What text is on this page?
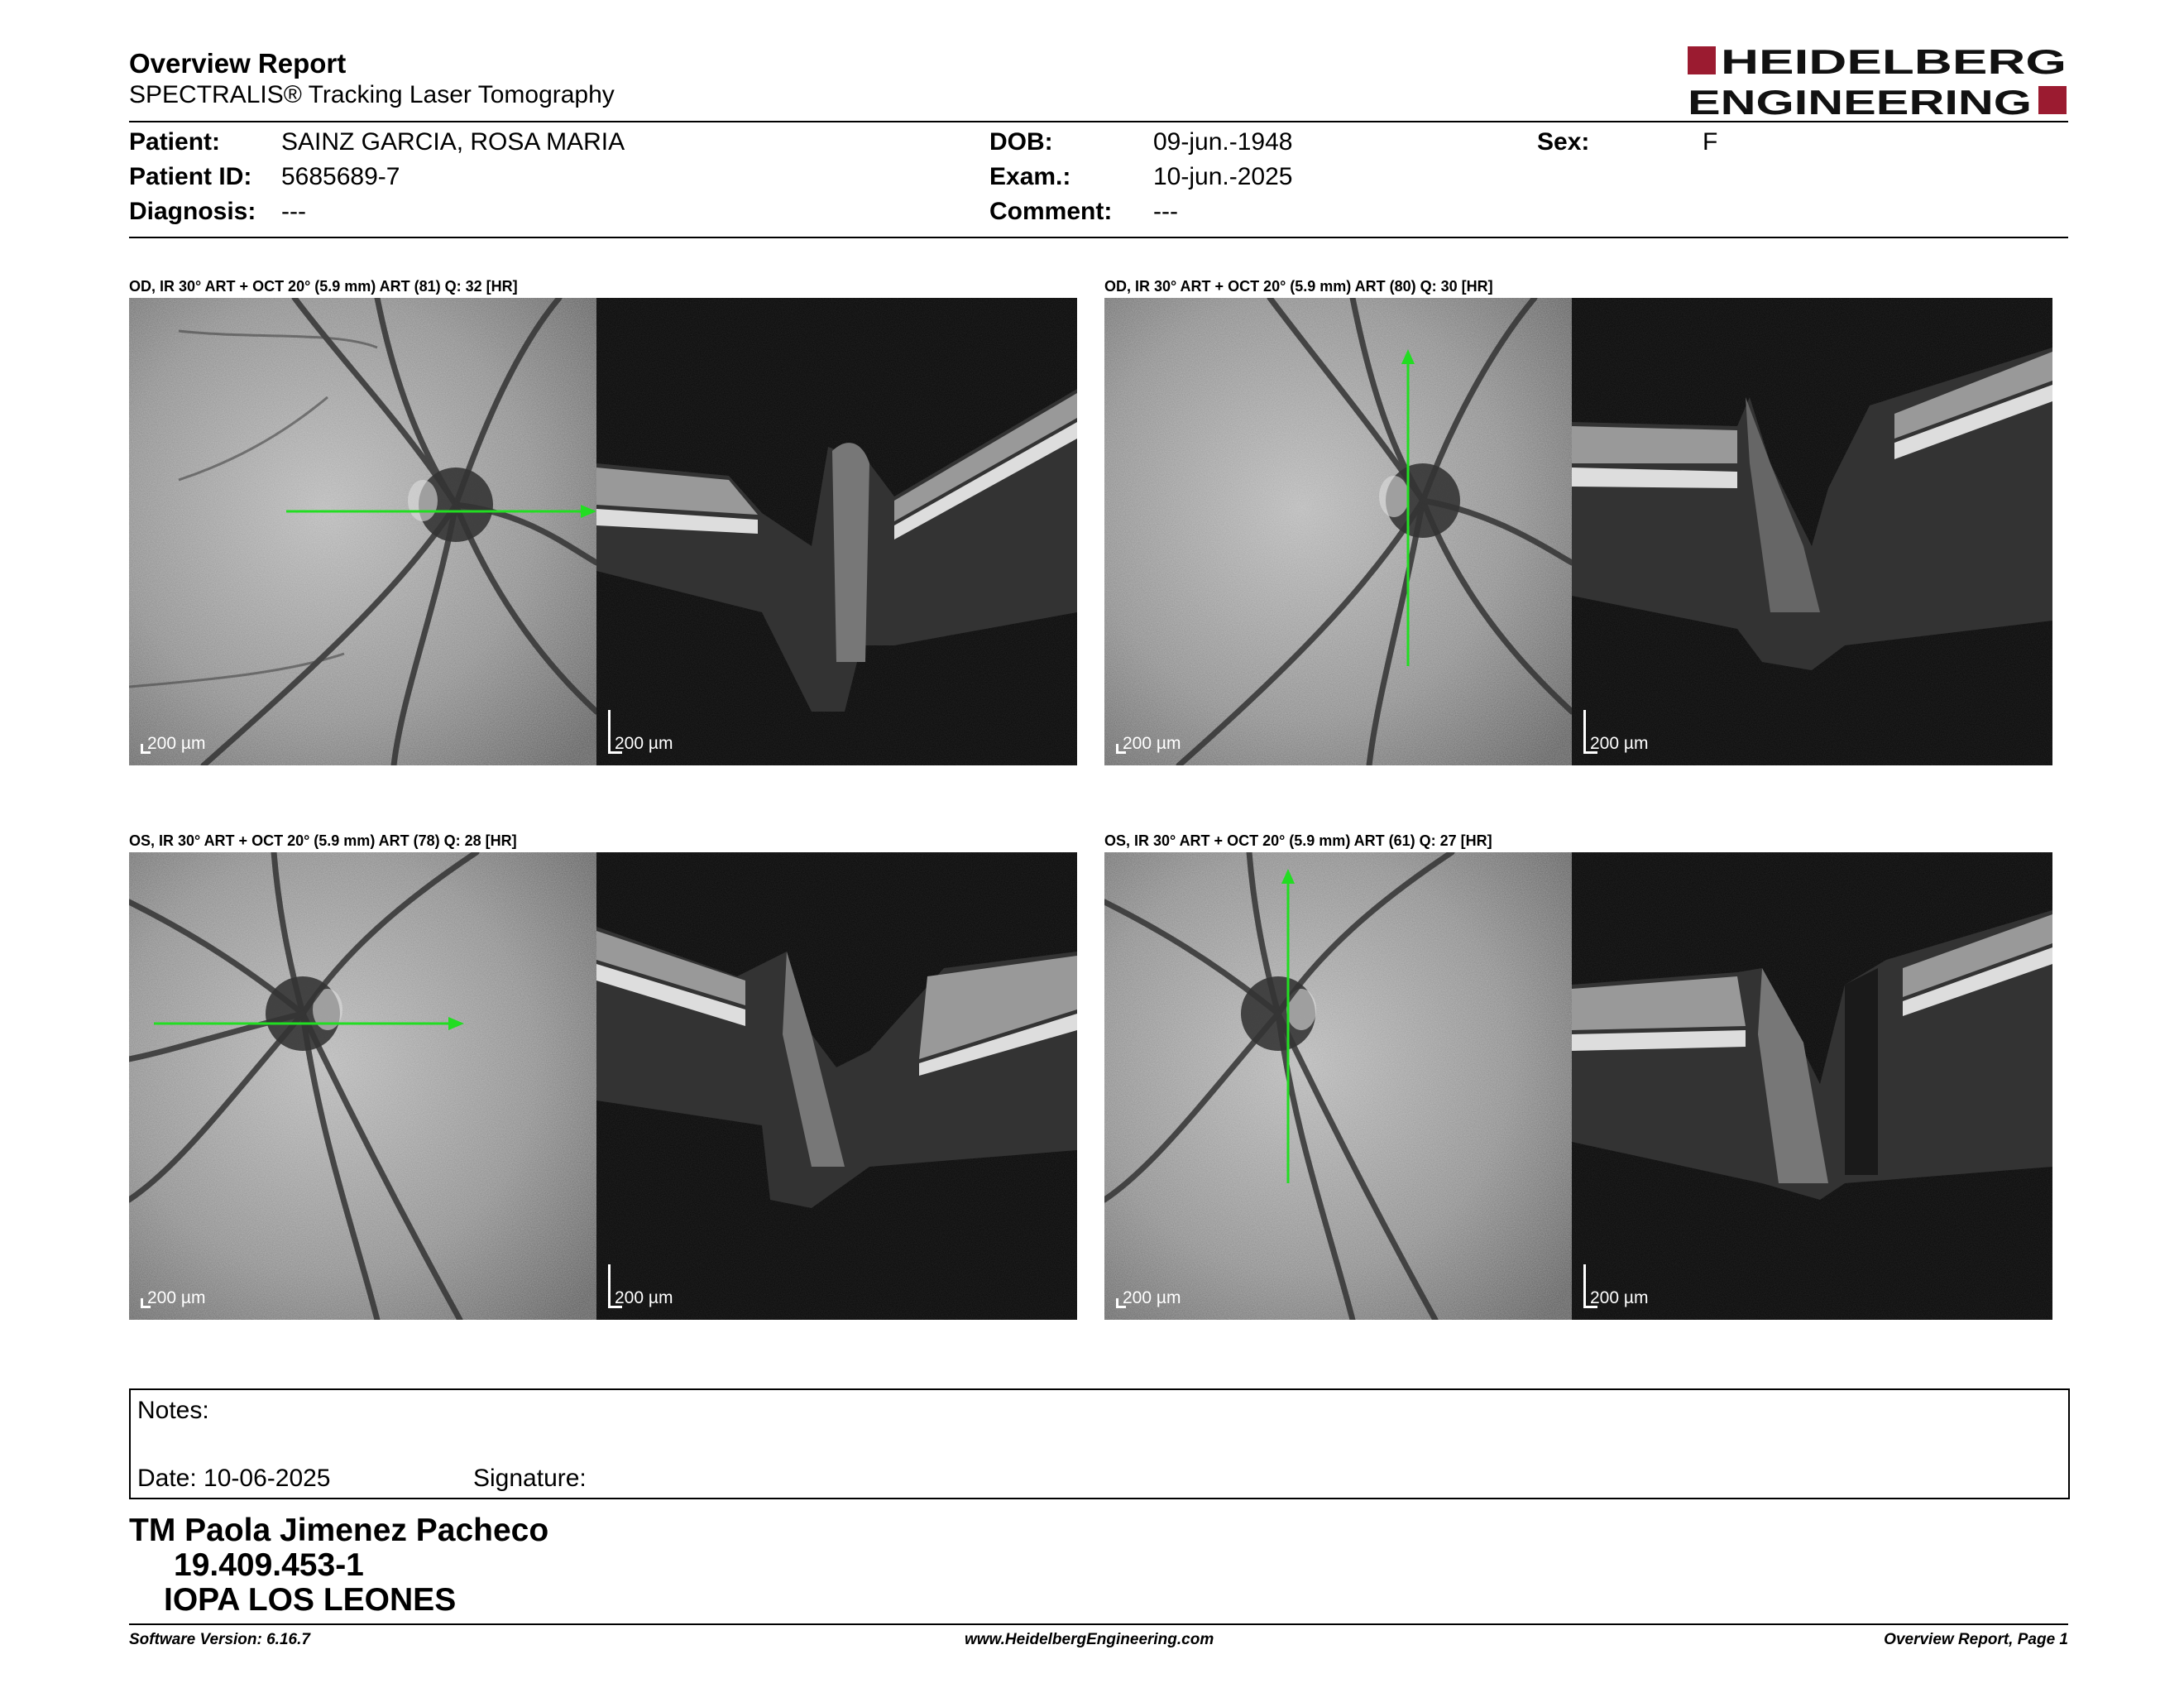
Overview Report
SPECTRALIS® Tracking Laser Tomography
HEIDELBERG
ENGINEERING
Patient: SAINZ GARCIA, ROSA MARIA
Patient ID: 5685689-7
Diagnosis: ---
DOB:	09-jun.-1948
Exam.:	10-jun.-2025
Comment: ---
Sex:	F
OD, IR 30° ART + OCT 20° (5.9 mm) ART (81) Q: 32 [HR]
200 µm	200 µm
OD, IR 30° ART + OCT 20° (5.9 mm) ART (80) Q: 30 [HR]
200 µm	200 µm
OS, IR 30° ART + OCT 20° (5.9 mm) ART (78) Q: 28 [HR]
200 µm	200 µm
OS, IR 30° ART + OCT 20° (5.9 mm) ART (61) Q: 27 [HR]
200 µm	200 µm
Notes:
Date: 10-06-2025	Signature:
TM Paola Jimenez Pacheco
19.409.453-1
IOPA LOS LEONES
Software Version: 6.16.7	www.HeidelbergEngineering.com	Overview Report, Page 1
